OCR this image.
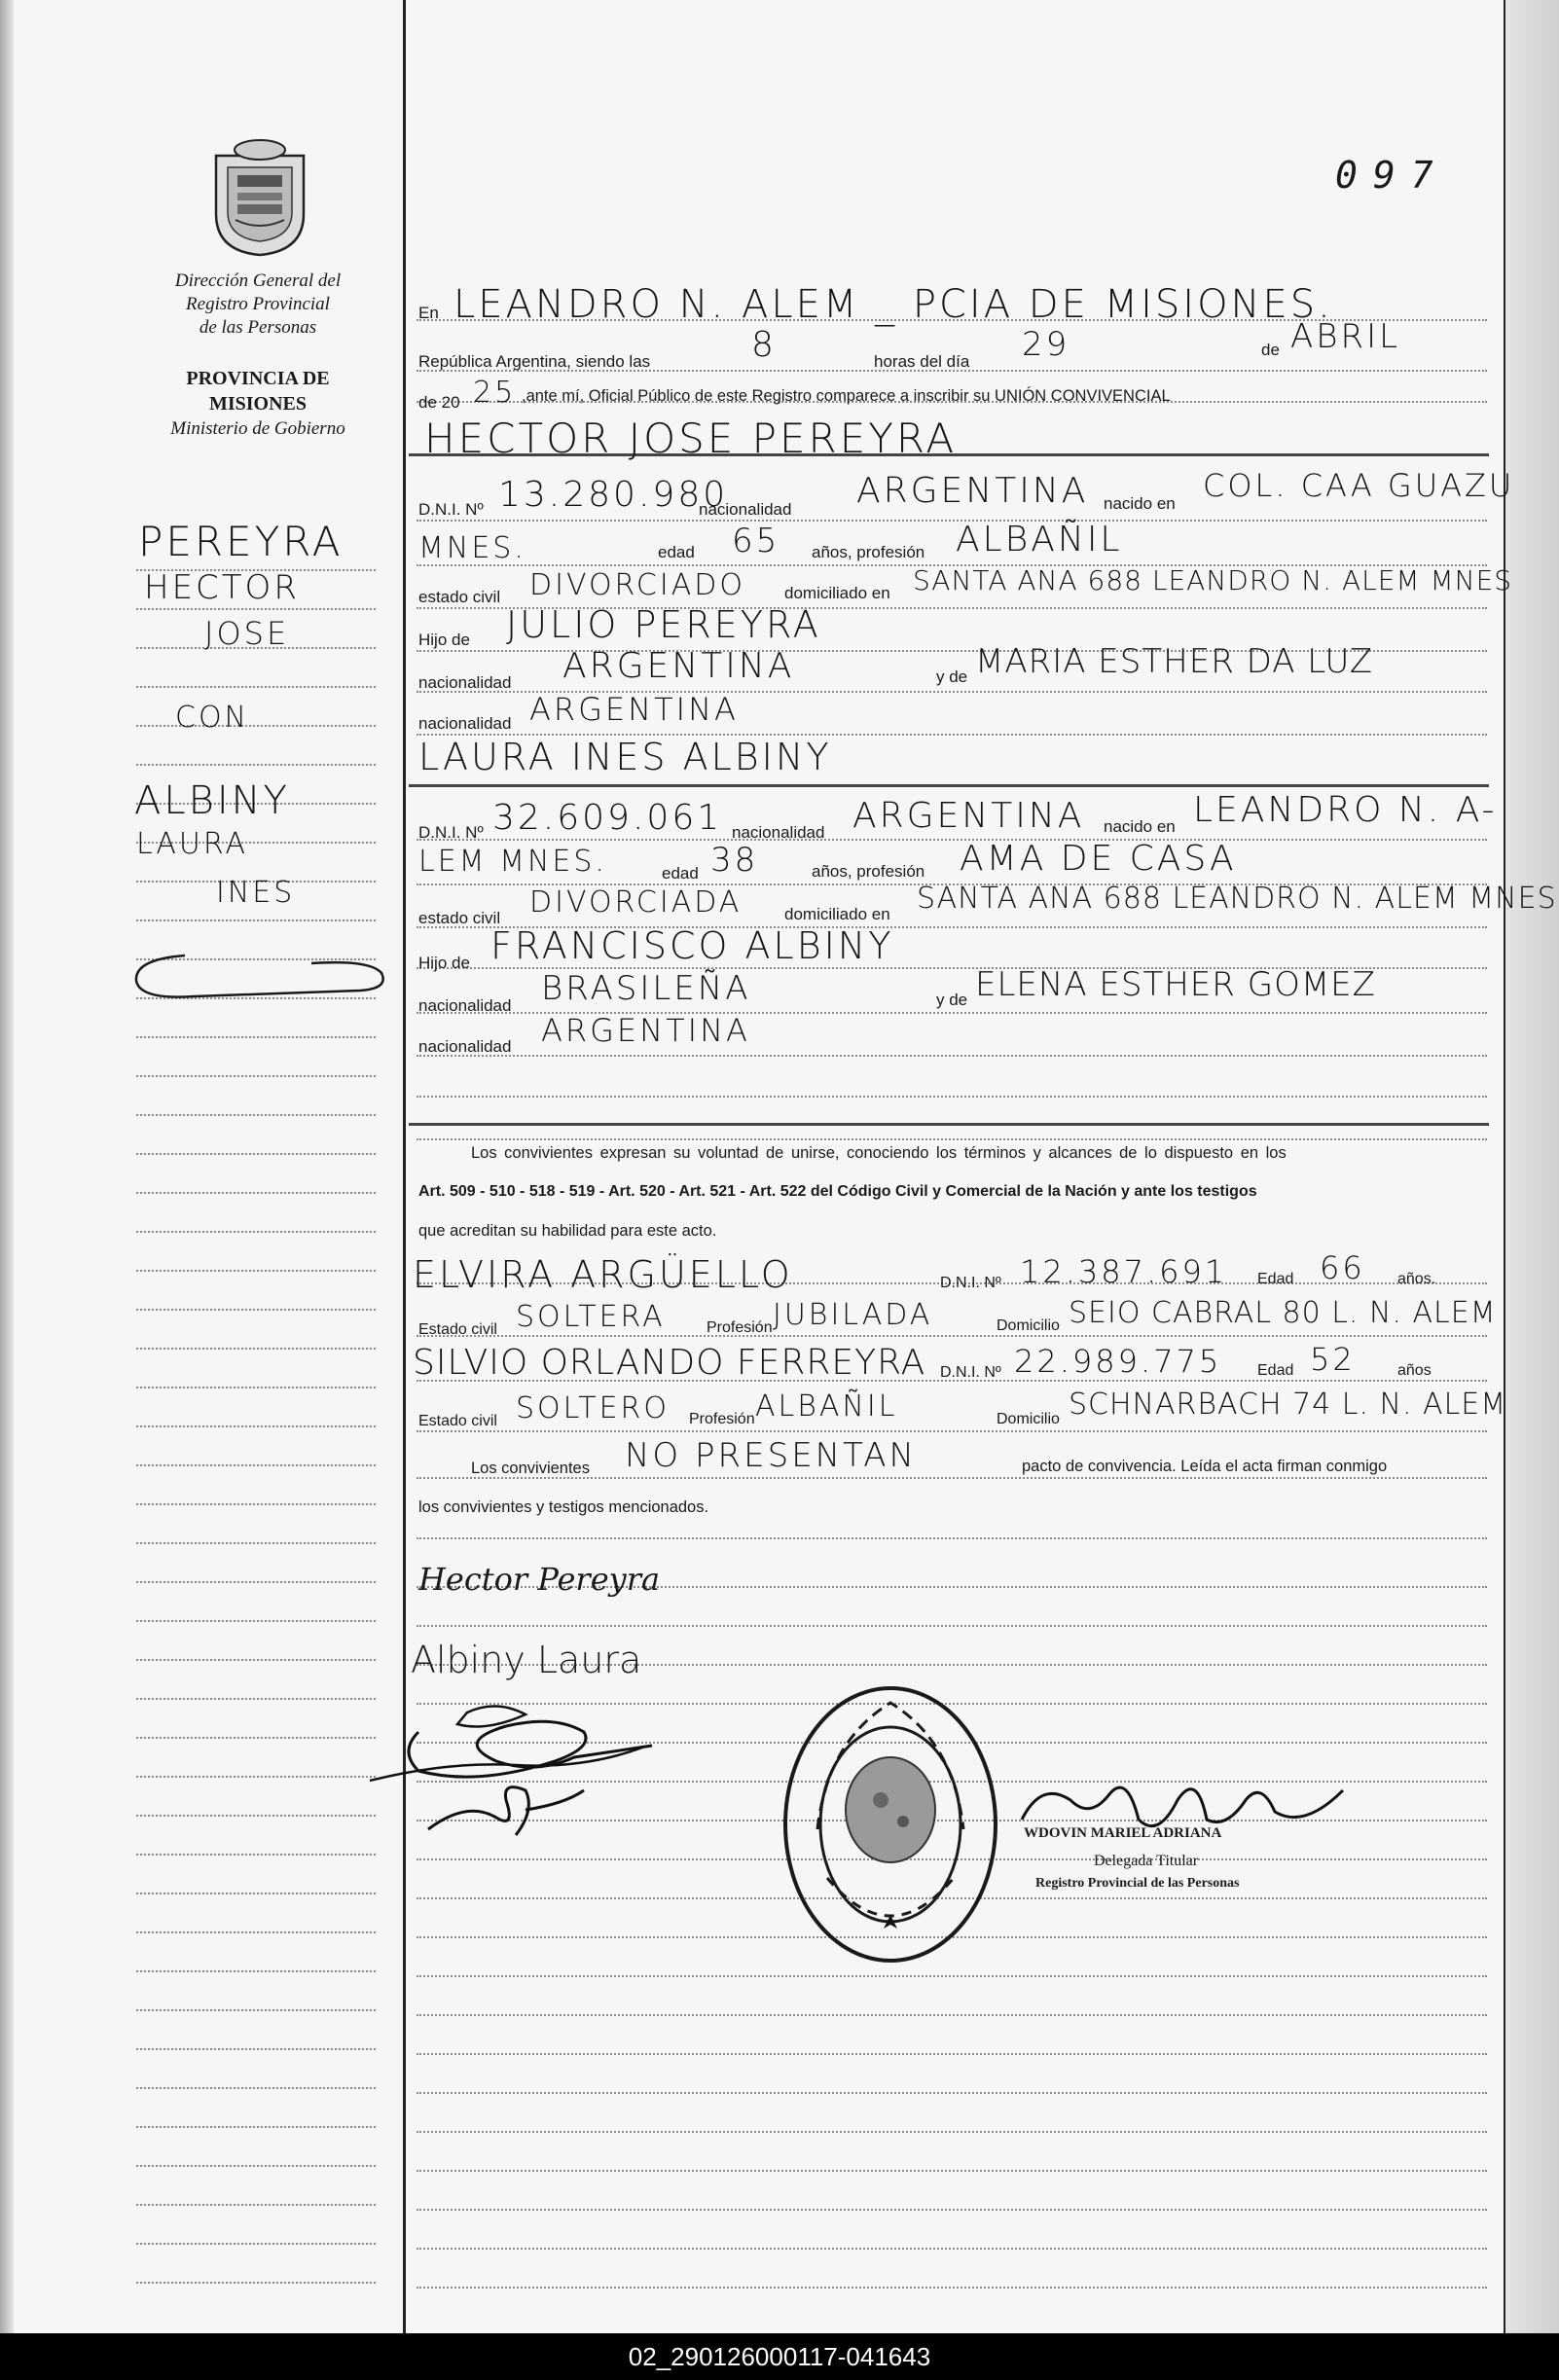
Dirección General del
Registro Provincial
de las Personas
PROVINCIA DE
MISIONES
Ministerio de Gobierno
097
PEREYRA
HECTOR
JOSE
CON
ALBINY
LAURA
INES
En LEANDRO N. ALEM _ PCIA DE MISIONES.
República Argentina, siendo las	8	horas del día 29	de ABRIL
de 20 25 ,ante mí, Oficial Público de este Registro comparece a inscribir su UNIÓN CONVIVENCIAL
HECTOR JOSE PEREYRA
D.N.I. Nº 13.280.980
nacionalidad ARGENTINA nacido en COL. CAA GUAZU
MNES.	edad 65 años, profesión ALBAÑIL
estado civil DIVORCIADO domiciliado en SANTA ANA 688 LEANDRO N. ALEM MNES
Hijo de JULIO PEREYRA
nacionalidad ARGENTINA	y de MARIA ESTHER DA LUZ
nacionalidad ARGENTINA
LAURA INES ALBINY
D.N.I. Nº 32.609.061 nacionalidad ARGENTINA nacido en LEANDRO N. A-
LEM MNES.	edad 38	años, profesión AMA DE CASA
estado civil DIVORCIADA	domiciliado en SANTA ANA 688 LEANDRO N. ALEM MNES
Hijo de FRANCISCO ALBINY
nacionalidad BRASILEÑA	y de ELENA ESTHER GOMEZ
nacionalidad ARGENTINA
Los convivientes expresan su voluntad de unirse, conociendo los términos y alcances de lo dispuesto en los
Art. 509 - 510 - 518 - 519 - Art. 520 - Art. 521 - Art. 522 del Código Civil y Comercial de la Nación y ante los testigos
que acreditan su habilidad para este acto.
ELVIRA ARGÜELLO	D.N.I. Nº 12.387.691 Edad 66 años.
Estado civil SOLTERA	Profesión JUBILADA	Domicilio SEIO CABRAL 80 L. N. ALEM
SILVIO ORLANDO FERREYRA D.N.I. Nº 22.989.775 Edad 52	años
Estado civil SOLTERO Profesión ALBAÑIL	Domicilio SCHNARBACH 74 L. N. ALEM
Los convivientes NO PRESENTAN	pacto de convivencia. Leída el acta firman conmigo
los convivientes y testigos mencionados.
Hector Pereyra
Albiny Laura
WDOVIN MARIEL ADRIANA
Delegada Titular
Registro Provincial de las Personas
02_290126000117-041643
